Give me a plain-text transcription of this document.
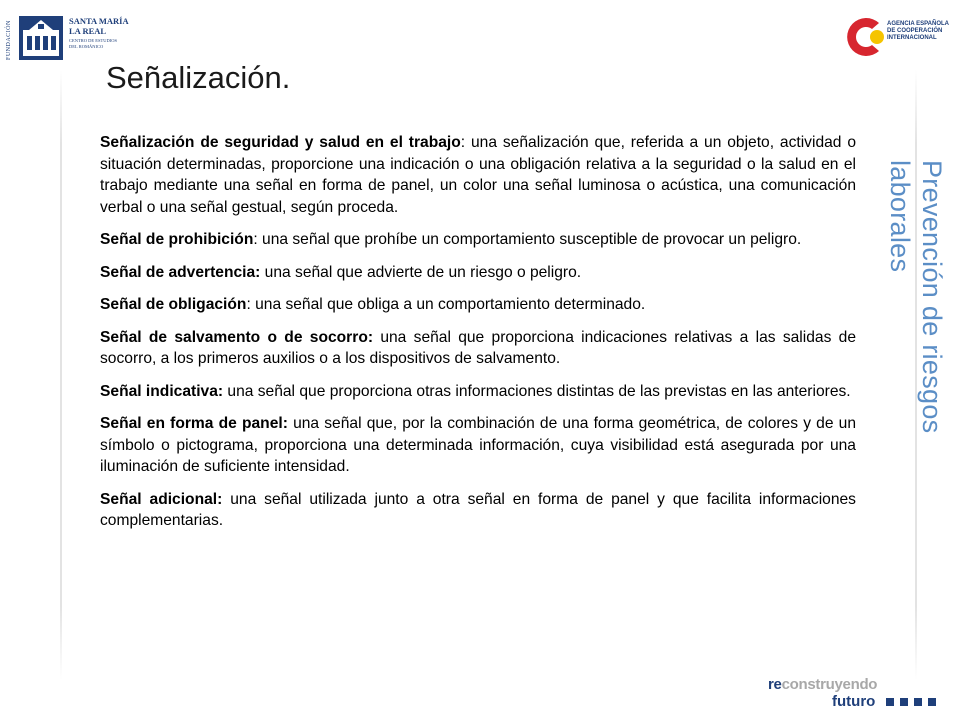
FUNDACIÓN	SANTA MARÍA
LA REAL
CENTRO DE ESTUDIOS DEL ROMÁNICO
AGENCIA ESPAÑOLA DE COOPERACIÓN INTERNACIONAL
Señalización.

Señalización de seguridad y salud en el trabajo: una señalización que, referida a un objeto, actividad o situación determinadas, proporcione una indicación o una obligación relativa a la seguridad o la salud en el trabajo mediante una señal en forma de panel, un color una señal luminosa o acústica, una comunicación verbal o una señal gestual, según proceda.

Señal de prohibición: una señal que prohíbe un comportamiento susceptible de provocar un peligro.

Señal de advertencia: una señal que advierte de un riesgo o peligro.

Señal de obligación: una señal que obliga a un comportamiento determinado.

Señal de salvamento o de socorro: una señal que proporciona indicaciones relativas a las salidas de socorro, a los primeros auxilios o a los dispositivos de salvamento.

Señal indicativa: una señal que proporciona otras informaciones distintas de las previstas en las anteriores.

Señal en forma de panel: una señal que, por la combinación de una forma geométrica, de colores y de un símbolo o pictograma, proporciona una determinada información, cuya visibilidad está asegurada por una iluminación de suficiente intensidad.

Señal adicional: una señal utilizada junto a otra señal en forma de panel y que facilita informaciones complementarias.

Prevención de riesgos laborales
reconstruyendo
futuro
